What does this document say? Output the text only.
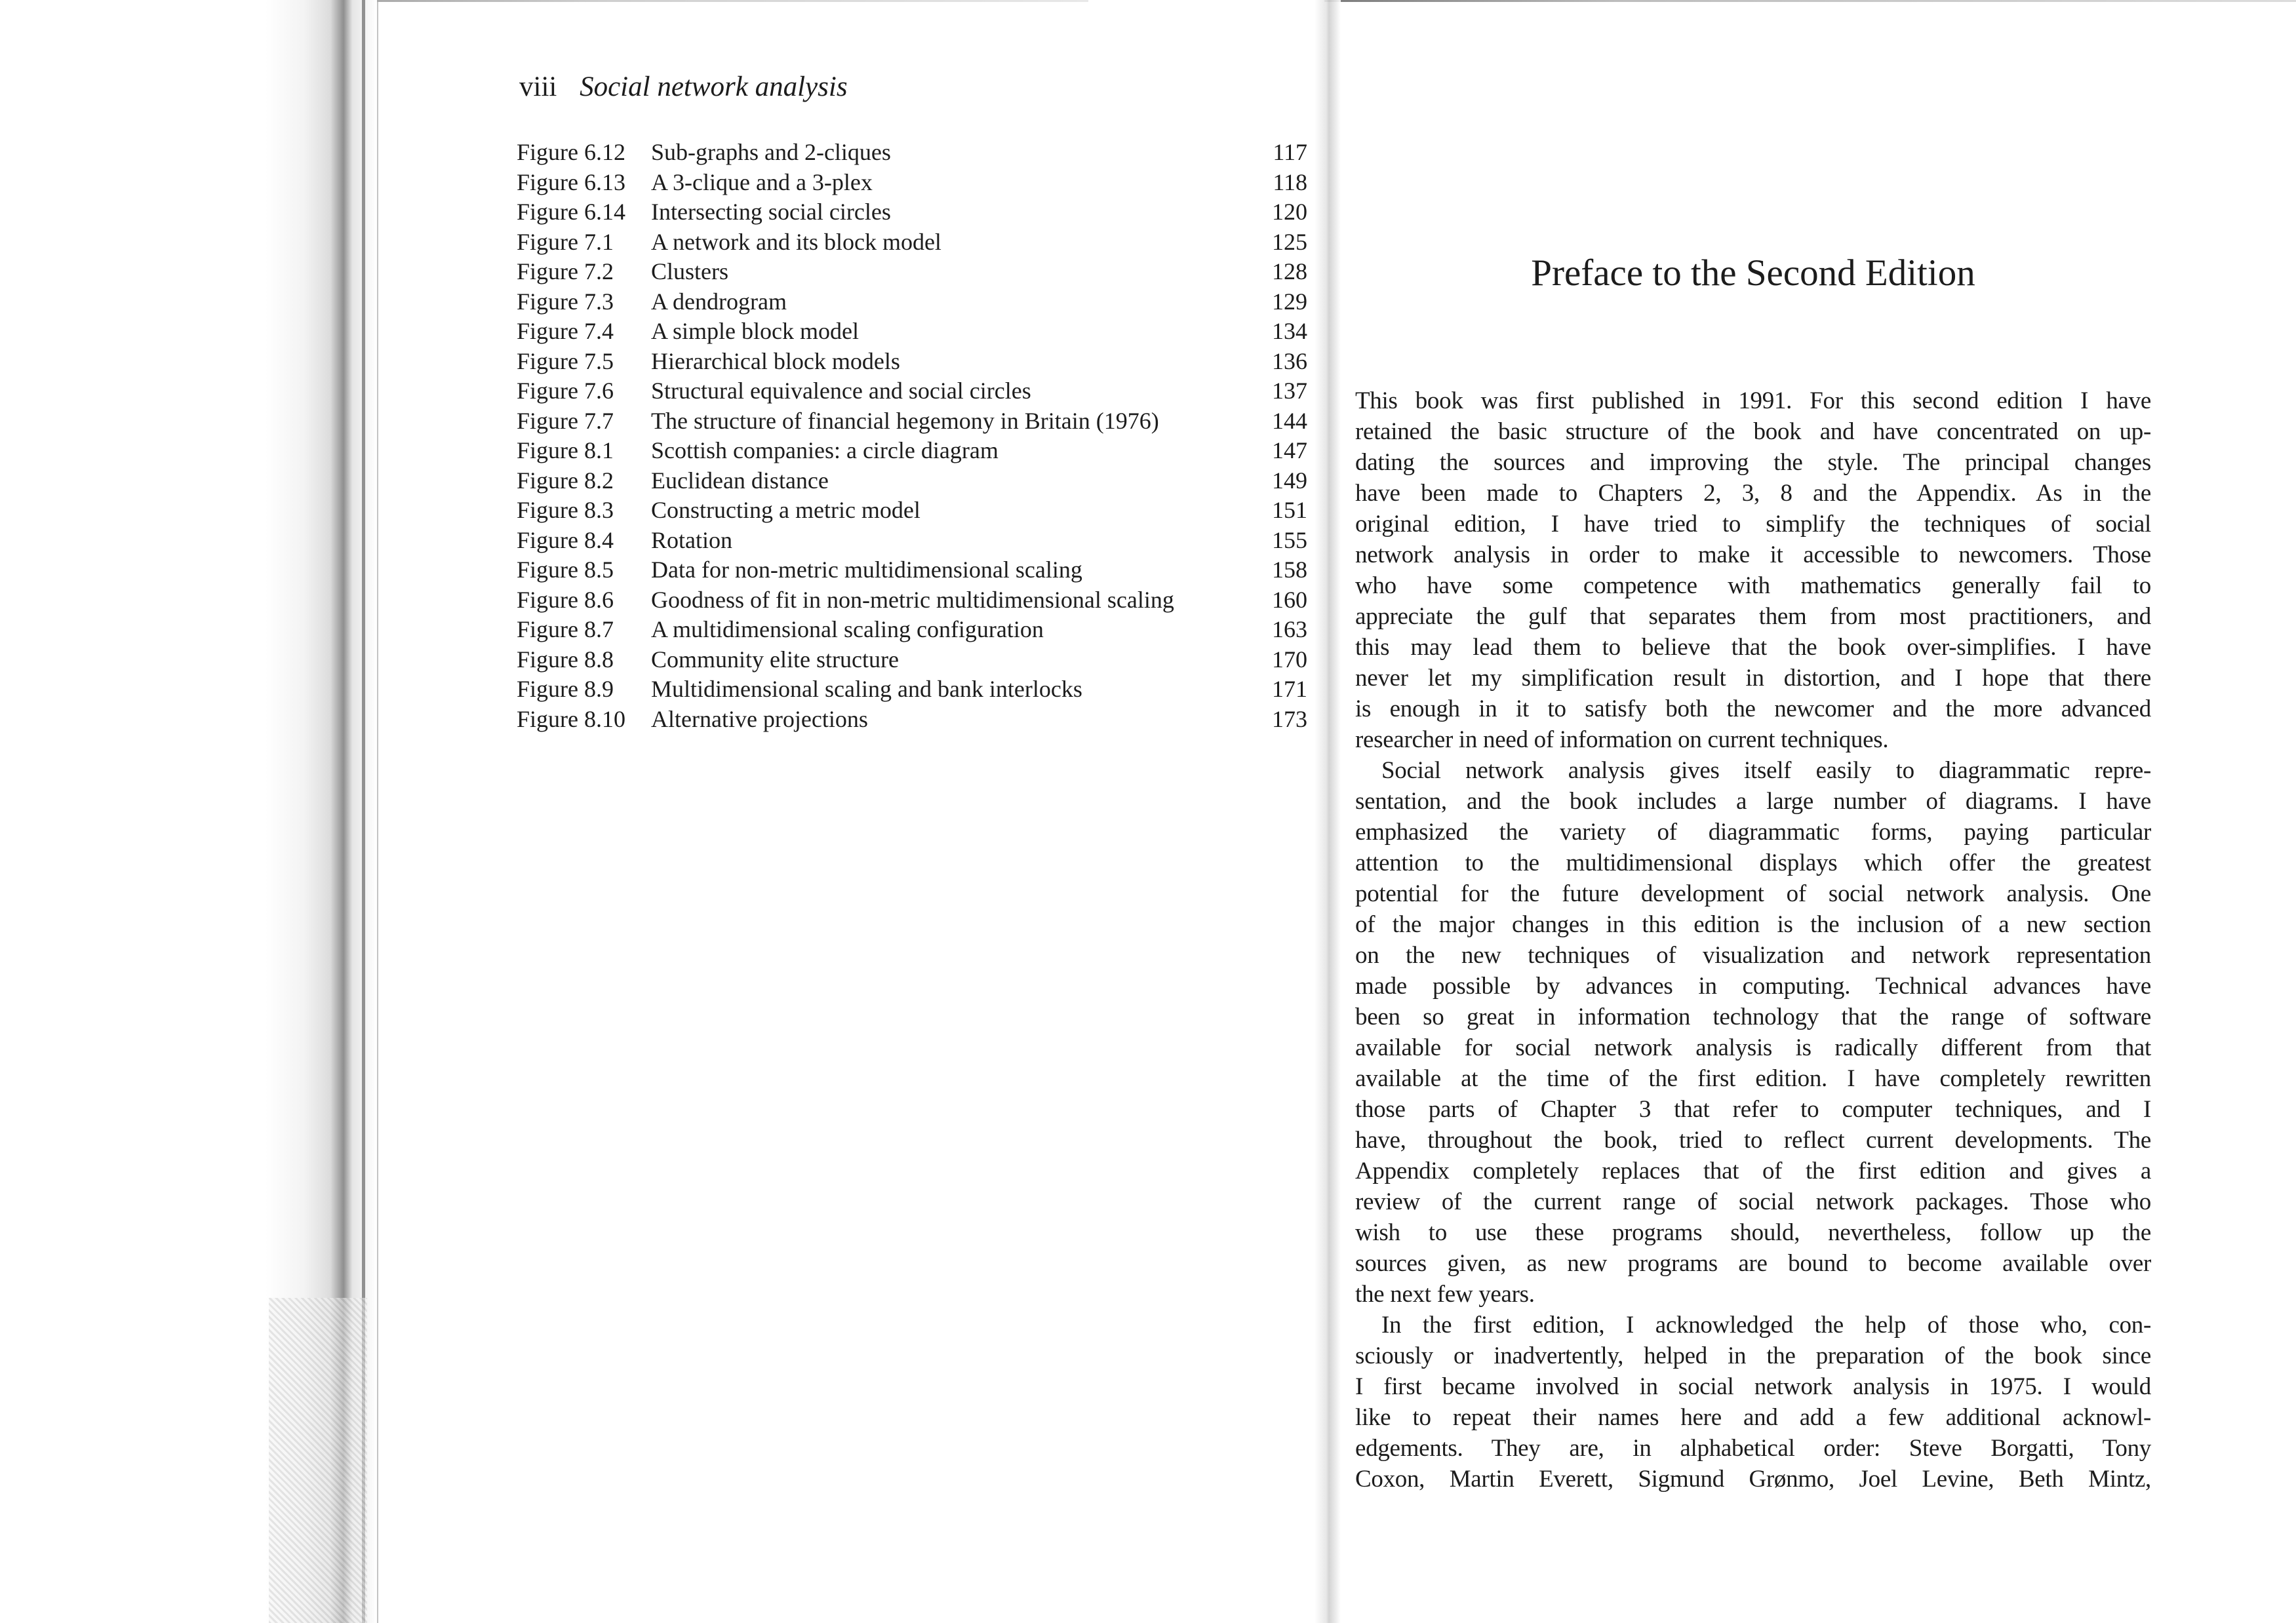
viii Social network analysis
Figure 6.12 Sub-graphs and 2-cliques	117
Figure 6.13 A 3-clique and a 3-plex	118
Figure 6.14 Intersecting social circles	120
Figure 7.1 A network and its block model	125
Figure 7.2 Clusters	128
Figure 7.3 A dendrogram	129
Figure 7.4 A simple block model	134
Figure 7.5 Hierarchical block models	136
Figure 7.6 Structural equivalence and social circles	137
Figure 7.7 The structure of financial hegemony in Britain (1976)	144
Figure 8.1 Scottish companies: a circle diagram	147
Figure 8.2 Euclidean distance	149
Figure 8.3 Constructing a metric model	151
Figure 8.4 Rotation	155
Figure 8.5 Data for non-metric multidimensional scaling	158
Figure 8.6 Goodness of fit in non-metric multidimensional scaling	160
Figure 8.7 A multidimensional scaling configuration	163
Figure 8.8 Community elite structure	170
Figure 8.9 Multidimensional scaling and bank interlocks	171
Figure 8.10 Alternative projections	173
Preface to the Second Edition

This book was first published in 1991. For this second edition I have
retained the basic structure of the book and have concentrated on up-
dating the sources and improving the style. The principal changes
have been made to Chapters 2, 3, 8 and the Appendix. As in the
original edition, I have tried to simplify the techniques of social
network analysis in order to make it accessible to newcomers. Those
who have some competence with mathematics generally fail to
appreciate the gulf that separates them from most practitioners, and
this may lead them to believe that the book over-simplifies. I have
never let my simplification result in distortion, and I hope that there
is enough in it to satisfy both the newcomer and the more advanced
researcher in need of information on current techniques.

Social network analysis gives itself easily to diagrammatic repre-
sentation, and the book includes a large number of diagrams. I have
emphasized the variety of diagrammatic forms, paying particular
attention to the multidimensional displays which offer the greatest
potential for the future development of social network analysis. One
of the major changes in this edition is the inclusion of a new section
on the new techniques of visualization and network representation
made possible by advances in computing. Technical advances have
been so great in information technology that the range of software
available for social network analysis is radically different from that
available at the time of the first edition. I have completely rewritten
those parts of Chapter 3 that refer to computer techniques, and I
have, throughout the book, tried to reflect current developments. The
Appendix completely replaces that of the first edition and gives a
review of the current range of social network packages. Those who
wish to use these programs should, nevertheless, follow up the
sources given, as new programs are bound to become available over
the next few years.

In the first edition, I acknowledged the help of those who, con-
sciously or inadvertently, helped in the preparation of the book since
I first became involved in social network analysis in 1975. I would
like to repeat their names here and add a few additional acknowl-
edgements. They are, in alphabetical order: Steve Borgatti, Tony
Coxon, Martin Everett, Sigmund Grønmo, Joel Levine, Beth Mintz,
